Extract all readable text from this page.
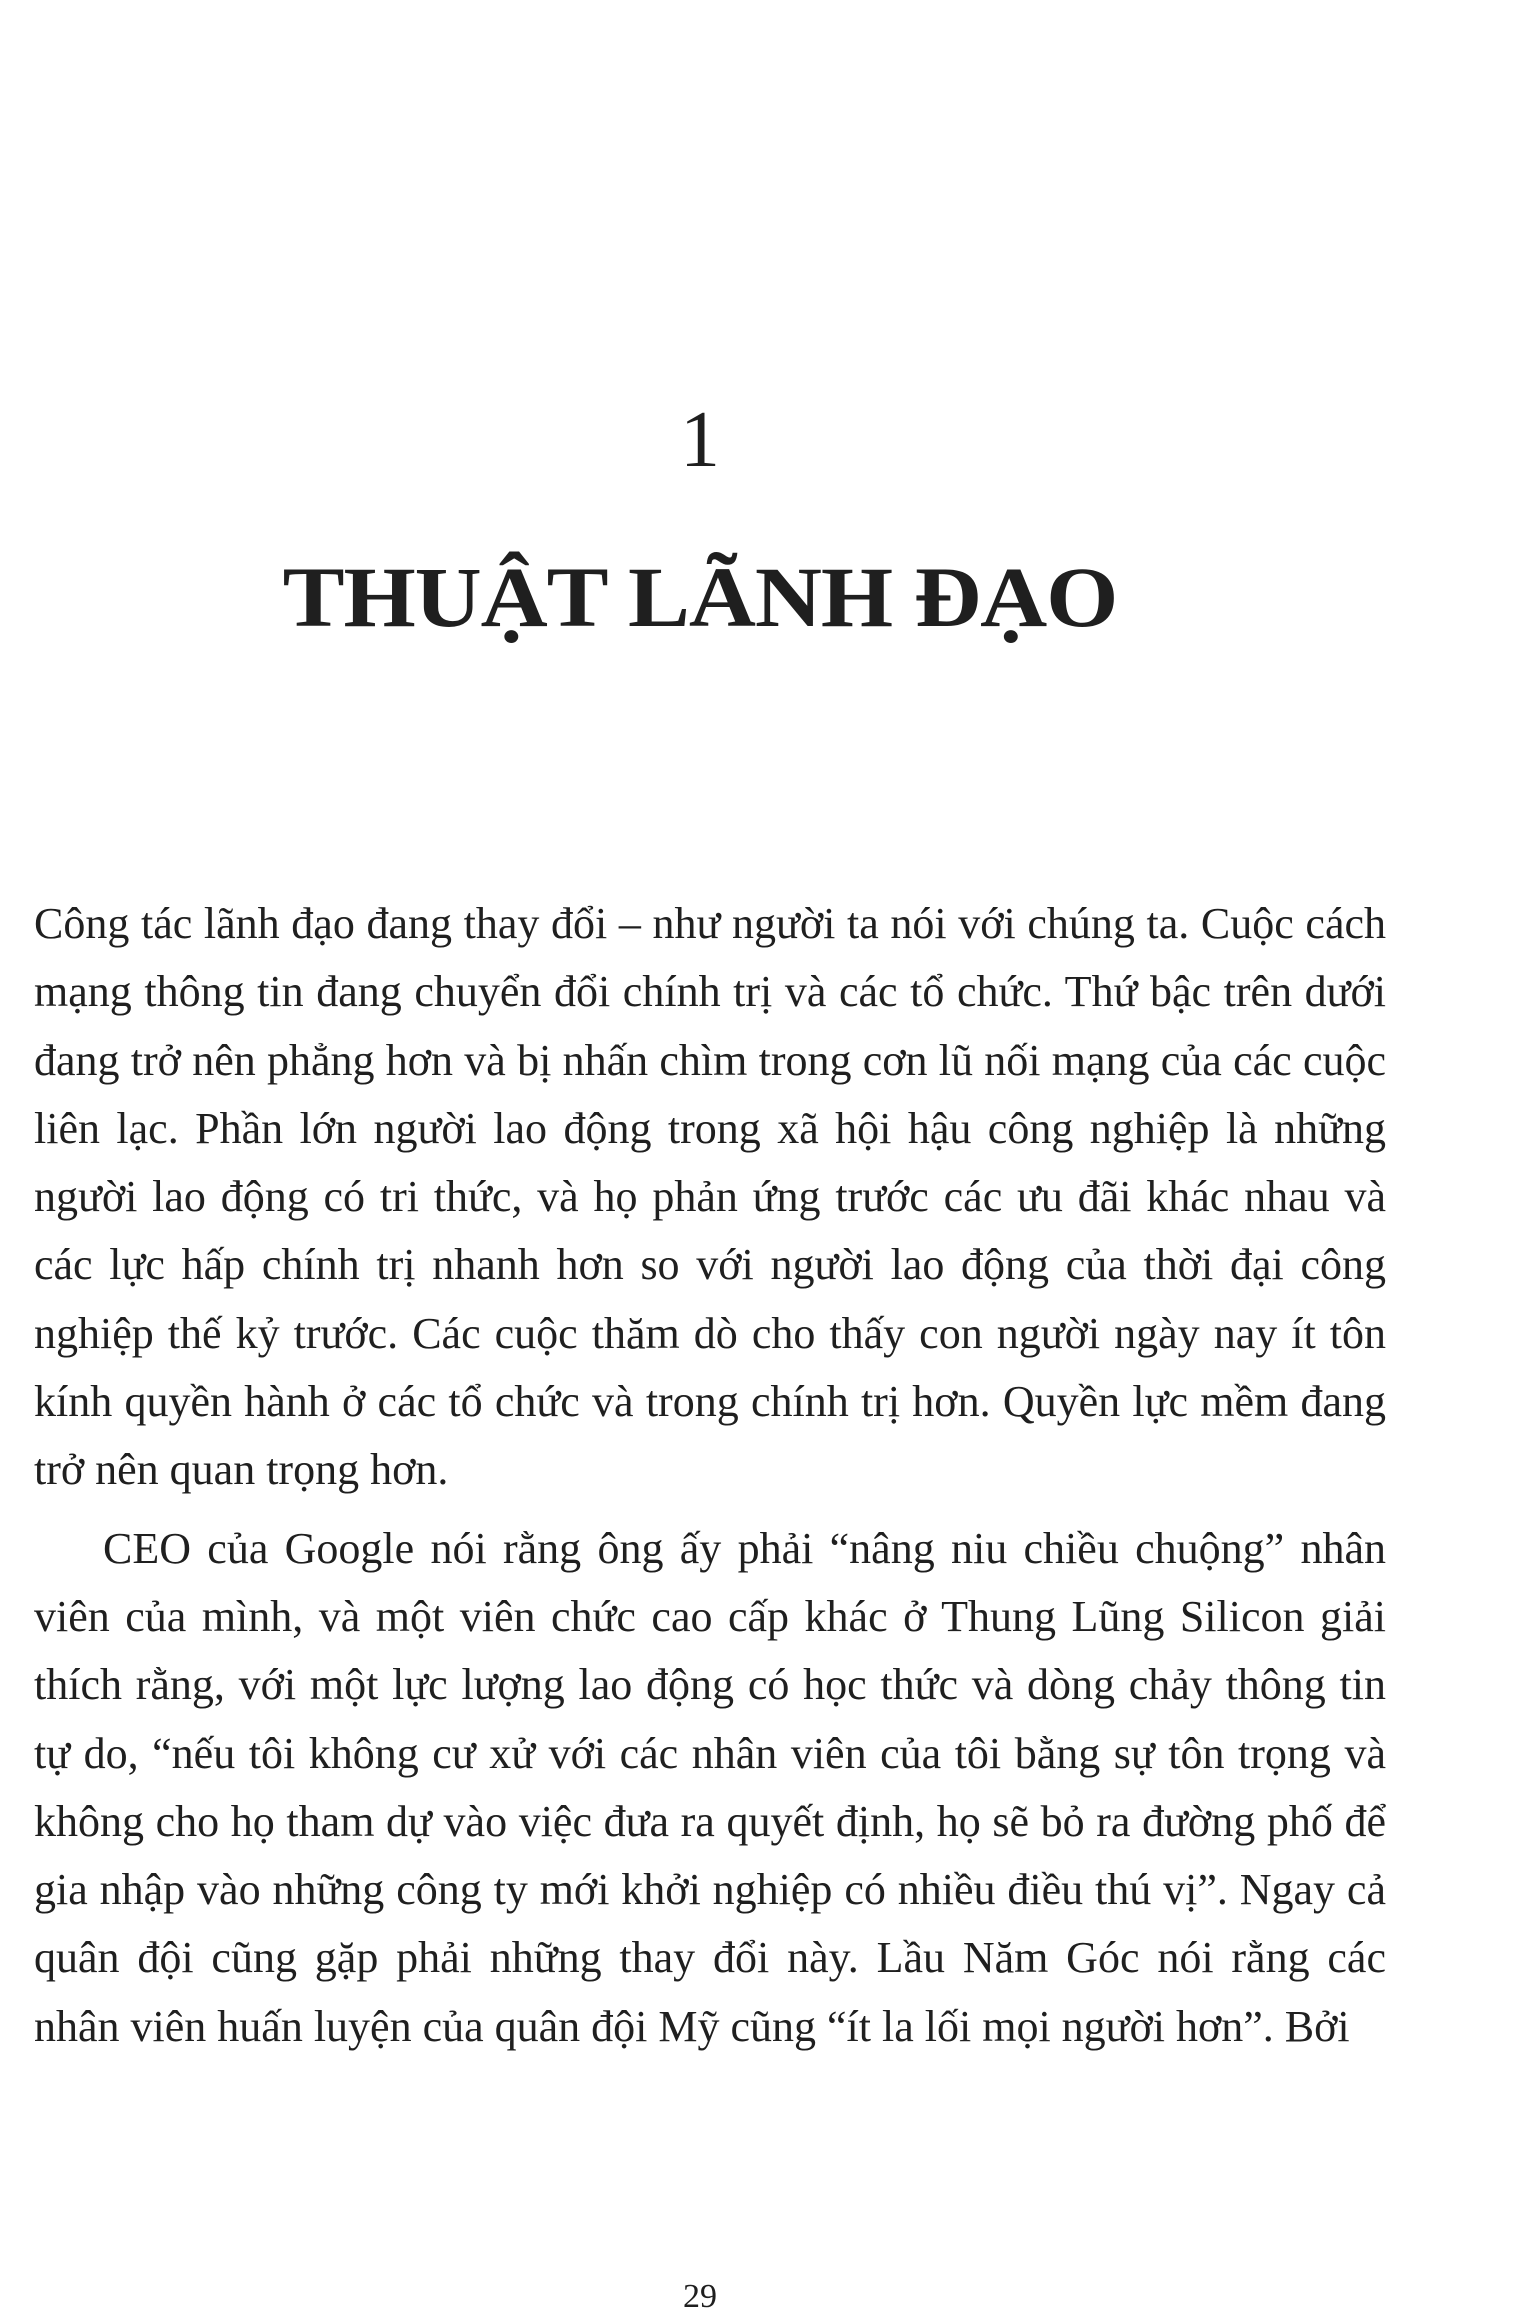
1
THUẬT LÃNH ĐẠO

Công tác lãnh đạo đang thay đổi – như người ta nói với chúng ta. Cuộc cách mạng thông tin đang chuyển đổi chính trị và các tổ chức. Thứ bậc trên dưới đang trở nên phẳng hơn và bị nhấn chìm trong cơn lũ nối mạng của các cuộc liên lạc. Phần lớn người lao động trong xã hội hậu công nghiệp là những người lao động có tri thức, và họ phản ứng trước các ưu đãi khác nhau và các lực hấp chính trị nhanh hơn so với người lao động của thời đại công nghiệp thế kỷ trước. Các cuộc thăm dò cho thấy con người ngày nay ít tôn kính quyền hành ở các tổ chức và trong chính trị hơn. Quyền lực mềm đang trở nên quan trọng hơn.

CEO của Google nói rằng ông ấy phải “nâng niu chiều chuộng” nhân viên của mình, và một viên chức cao cấp khác ở Thung Lũng Silicon giải thích rằng, với một lực lượng lao động có học thức và dòng chảy thông tin tự do, “nếu tôi không cư xử với các nhân viên của tôi bằng sự tôn trọng và không cho họ tham dự vào việc đưa ra quyết định, họ sẽ bỏ ra đường phố để gia nhập vào những công ty mới khởi nghiệp có nhiều điều thú vị”. Ngay cả quân đội cũng gặp phải những thay đổi này. Lầu Năm Góc nói rằng các nhân viên huấn luyện của quân đội Mỹ cũng “ít la lối mọi người hơn”. Bởi

29
